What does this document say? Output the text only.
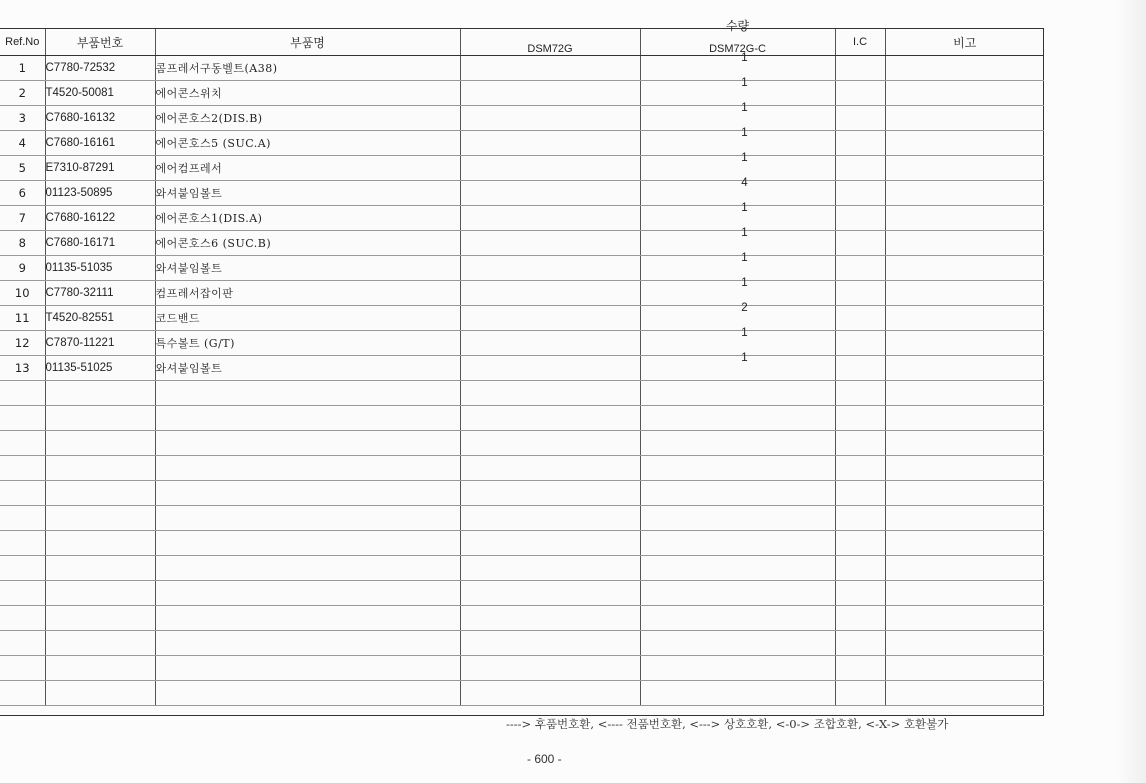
Ref.No	부품번호	부품명	DSM72G	수량
DSM72G-C	I.C	비고
1	C7780-72532	콤프레서구동벨트(A38)		1		
2	T4520-50081	에어콘스위치		1		
3	C7680-16132	에어콘호스2(DIS.B)		1		
4	C7680-16161	에어콘호스5 (SUC.A)		1		
5	E7310-87291	에어컴프레서		1		
6	01123-50895	와셔붙임볼트		4		
7	C7680-16122	에어콘호스1(DIS.A)		1		
8	C7680-16171	에어콘호스6 (SUC.B)		1		
9	01135-51035	와셔붙임볼트		1		
10	C7780-32111	컴프레서잡이판		1		
11	T4520-82551	코드밴드		2		
12	C7870-11221	특수볼트 (G/T)		1		
13	01135-51025	와셔붙임볼트		1		

----> 후품번호환, <---- 전품번호환, <---> 상호호환, <-0-> 조합호환, <-X-> 호환불가
- 600 -
